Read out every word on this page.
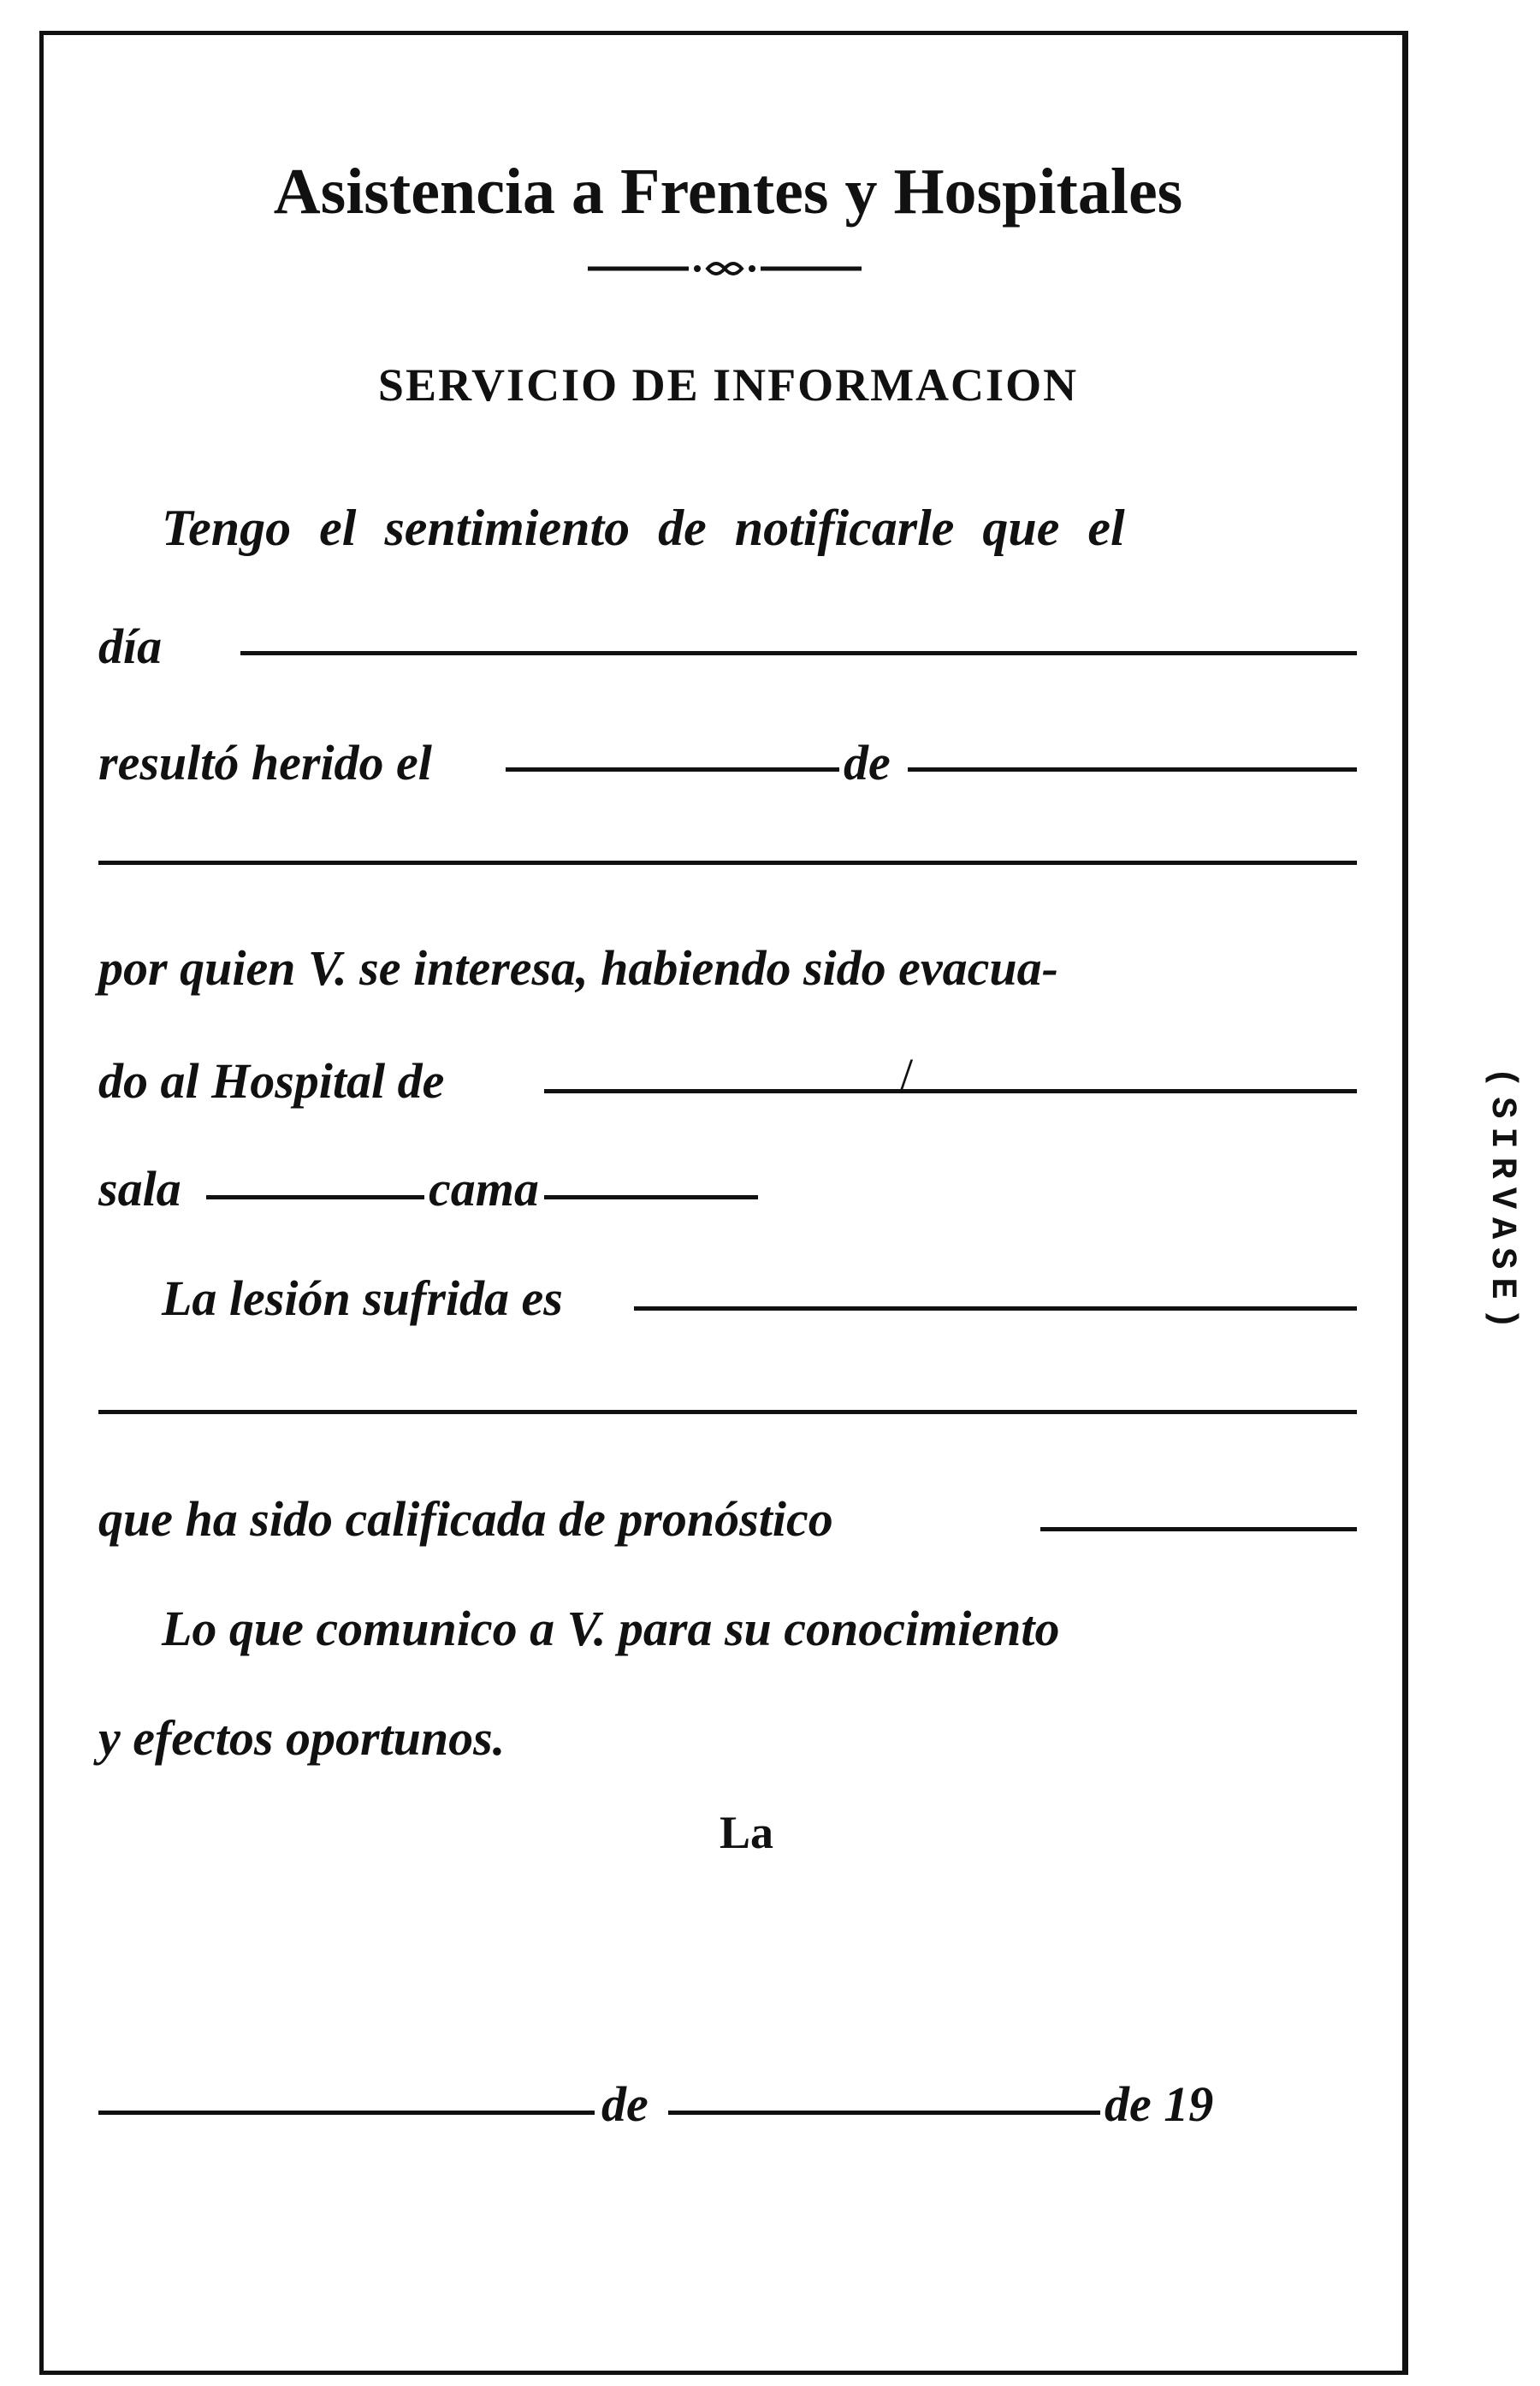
Asistencia a Frentes y Hospitales
SERVICIO DE INFORMACION
Tengo el sentimiento de notificarle que el
día
resultó herido el	de
por quien V. se interesa, habiendo sido evacua-
do al Hospital de	/
sala	cama
La lesión sufrida es
que ha sido calificada de pronóstico
Lo que comunico a V. para su conocimiento
y efectos oportunos.
La
de	de 19
(SIRVASE)
